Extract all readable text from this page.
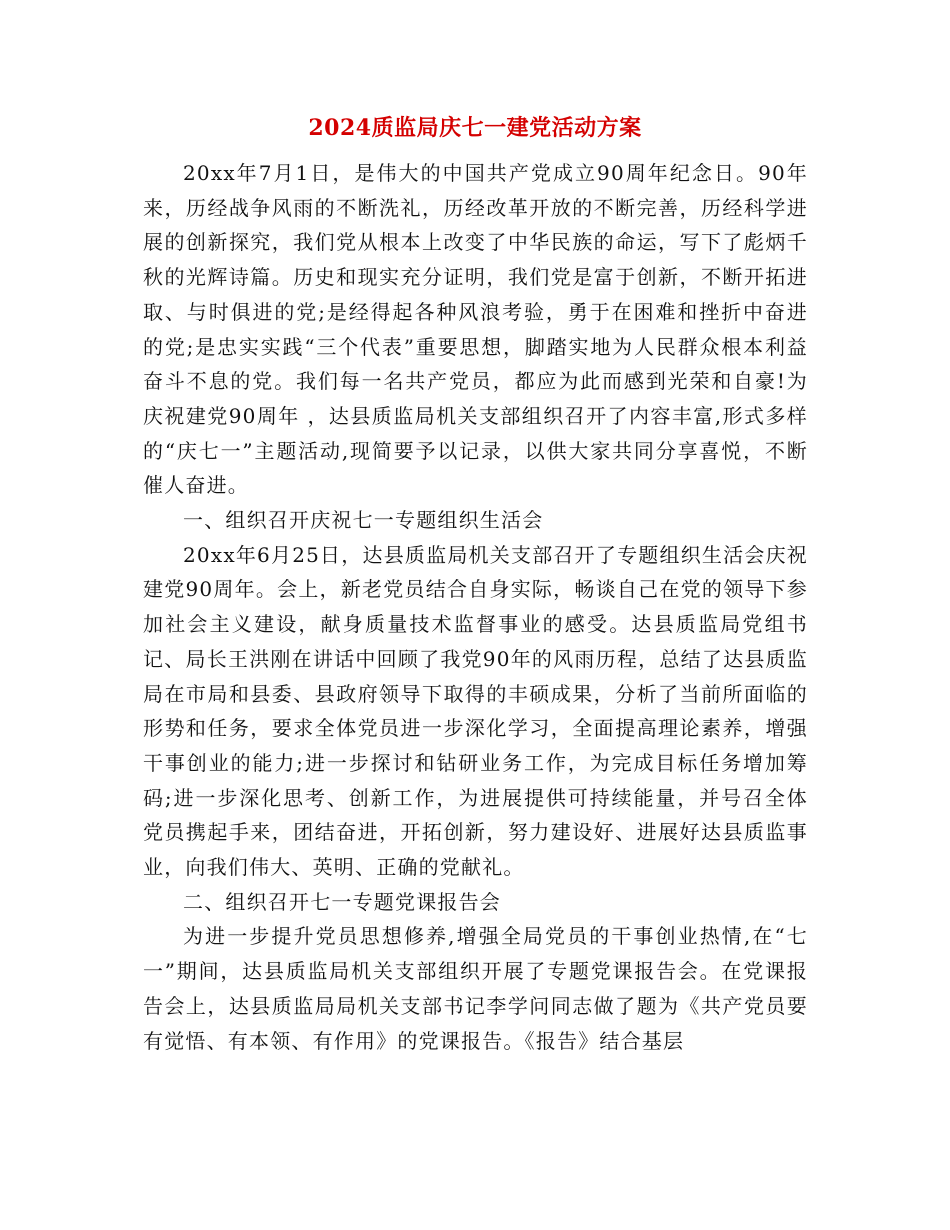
2024质监局庆七一建党活动方案

20xx年7月1日，是伟大的中国共产党成立90周年纪念日。90年来，历经战争风雨的不断洗礼，历经改革开放的不断完善，历经科学进展的创新探究，我们党从根本上改变了中华民族的命运，写下了彪炳千秋的光辉诗篇。历史和现实充分证明，我们党是富于创新，不断开拓进取、与时俱进的党;是经得起各种风浪考验，勇于在困难和挫折中奋进的党;是忠实实践“三个代表”重要思想，脚踏实地为人民群众根本利益奋斗不息的党。我们每一名共产党员，都应为此而感到光荣和自豪!为庆祝建党90周年 ，达县质监局机关支部组织召开了内容丰富,形式多样的“庆七一”主题活动,现简要予以记录，以供大家共同分享喜悦，不断催人奋进。

一、组织召开庆祝七一专题组织生活会

20xx年6月25日，达县质监局机关支部召开了专题组织生活会庆祝建党90周年。会上，新老党员结合自身实际，畅谈自己在党的领导下参加社会主义建设，献身质量技术监督事业的感受。达县质监局党组书记、局长王洪刚在讲话中回顾了我党90年的风雨历程，总结了达县质监局在市局和县委、县政府领导下取得的丰硕成果，分析了当前所面临的形势和任务，要求全体党员进一步深化学习，全面提高理论素养，增强干事创业的能力;进一步探讨和钻研业务工作，为完成目标任务增加筹码;进一步深化思考、创新工作，为进展提供可持续能量，并号召全体党员携起手来，团结奋进，开拓创新，努力建设好、进展好达县质监事业，向我们伟大、英明、正确的党献礼。

二、组织召开七一专题党课报告会

为进一步提升党员思想修养,增强全局党员的干事创业热情,在“七一”期间，达县质监局机关支部组织开展了专题党课报告会。在党课报告会上，达县质监局局机关支部书记李学问同志做了题为《共产党员要有觉悟、有本领、有作用》的党课报告。《报告》结合基层
